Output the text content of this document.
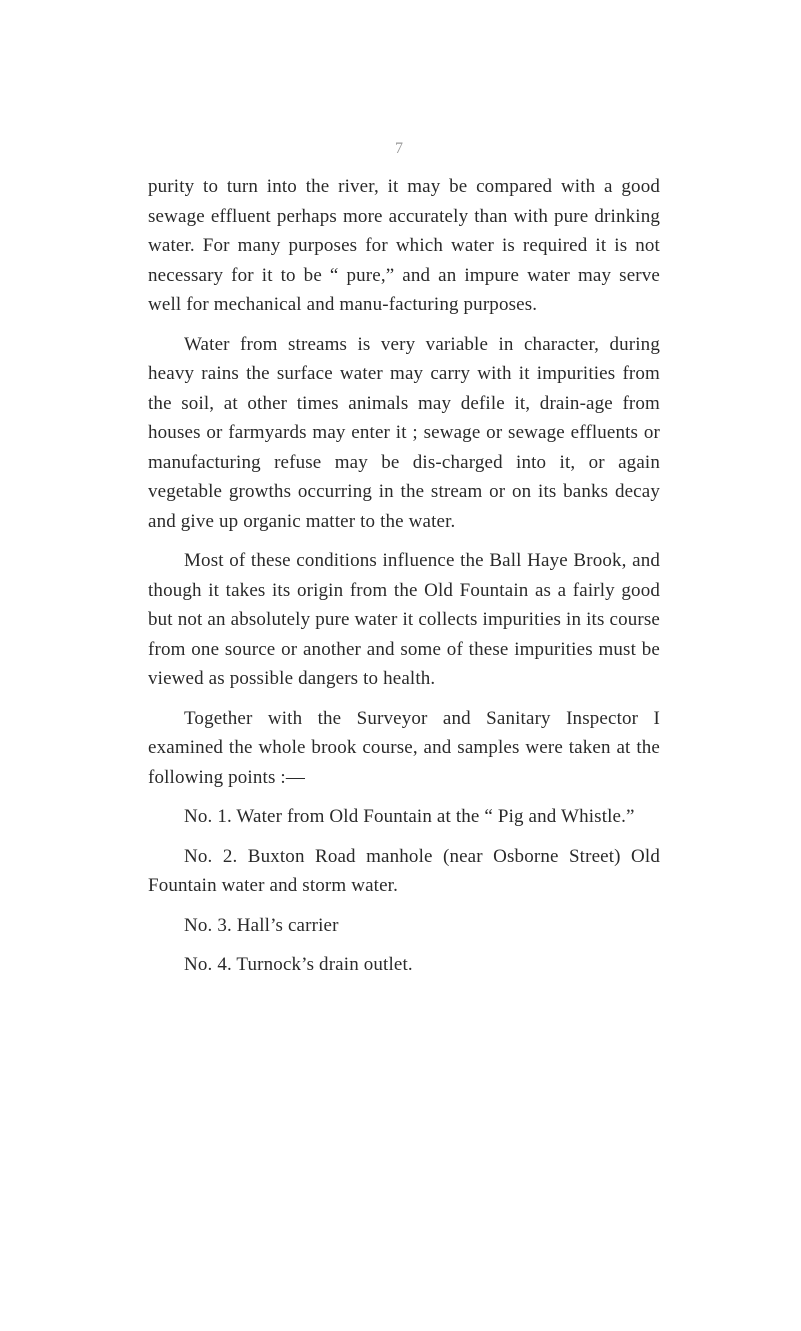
7

purity to turn into the river, it may be compared with a good sewage effluent perhaps more accurately than with pure drinking water. For many purposes for which water is required it is not necessary for it to be “ pure,” and an impure water may serve well for mechanical and manu-facturing purposes.

Water from streams is very variable in character, during heavy rains the surface water may carry with it impurities from the soil, at other times animals may defile it, drain-age from houses or farmyards may enter it ; sewage or sewage effluents or manufacturing refuse may be dis-charged into it, or again vegetable growths occurring in the stream or on its banks decay and give up organic matter to the water.

Most of these conditions influence the Ball Haye Brook, and though it takes its origin from the Old Fountain as a fairly good but not an absolutely pure water it collects impurities in its course from one source or another and some of these impurities must be viewed as possible dangers to health.

Together with the Surveyor and Sanitary Inspector I examined the whole brook course, and samples were taken at the following points :—

No. 1. Water from Old Fountain at the “ Pig and Whistle.”

No. 2. Buxton Road manhole (near Osborne Street) Old Fountain water and storm water.

No. 3. Hall’s carrier

No. 4. Turnock’s drain outlet.
